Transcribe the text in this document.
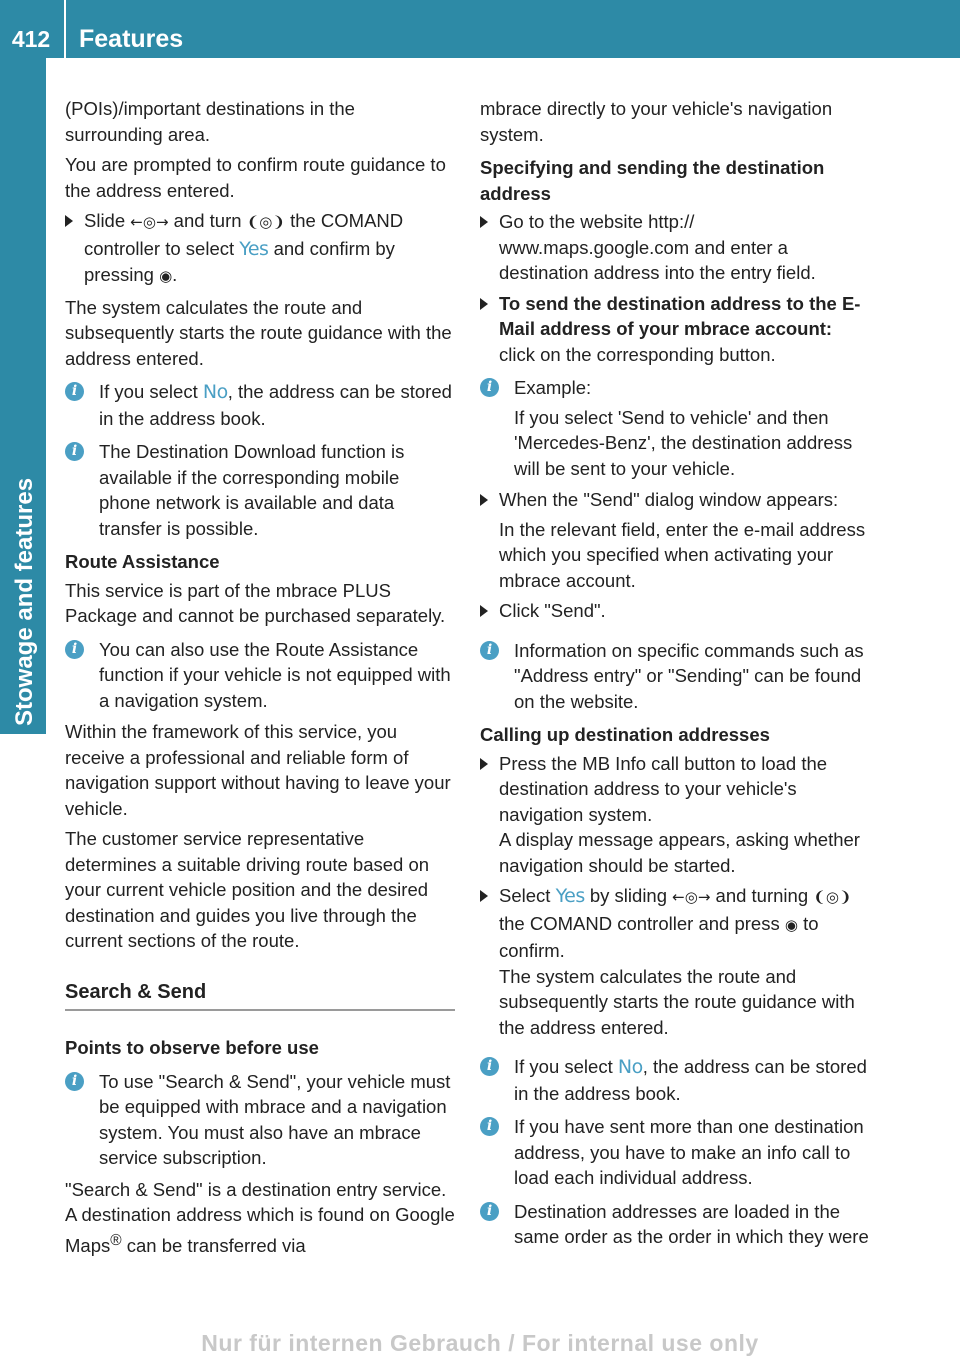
412	Features
Stowage and features

(POIs)/important destinations in the surrounding area.

You are prompted to confirm route guidance to the address entered.

Slide ←◎→ and turn ❨◎❩ the COMAND controller to select Yes and confirm by pressing ◉.

The system calculates the route and subsequently starts the route guidance with the address entered.

i	If you select No, the address can be stored in the address book.
i	The Destination Download function is available if the corresponding mobile phone network is available and data transfer is possible.
Route Assistance

This service is part of the mbrace PLUS Package and cannot be purchased separately.

i	You can also use the Route Assistance function if your vehicle is not equipped with a navigation system.

Within the framework of this service, you receive a professional and reliable form of navigation support without having to leave your vehicle.

The customer service representative determines a suitable driving route based on your current vehicle position and the desired destination and guides you live through the current sections of the route.

Search & Send
Points to observe before use
i	To use "Search & Send", your vehicle must be equipped with mbrace and a navigation system. You must also have an mbrace service subscription.

"Search & Send" is a destination entry service. A destination address which is found on Google Maps® can be transferred via

mbrace directly to your vehicle's navigation system.

Specifying and sending the destination address
Go to the website http:// www.maps.google.com and enter a destination address into the entry field.
To send the destination address to the E-Mail address of your mbrace account: click on the corresponding button.
i	Example:
If you select 'Send to vehicle' and then 'Mercedes-Benz', the destination address will be sent to your vehicle.
When the "Send" dialog window appears:
In the relevant field, enter the e-mail address which you specified when activating your mbrace account.
Click "Send".
i	Information on specific commands such as "Address entry" or "Sending" can be found on the website.
Calling up destination addresses
Press the MB Info call button to load the destination address to your vehicle's navigation system.
A display message appears, asking whether navigation should be started.
Select Yes by sliding ←◎→ and turning ❨◎❩ the COMAND controller and press ◉ to confirm.
The system calculates the route and subsequently starts the route guidance with the address entered.
i	If you select No, the address can be stored in the address book.
i	If you have sent more than one destination address, you have to make an info call to load each individual address.
i	Destination addresses are loaded in the same order as the order in which they were
Nur für internen Gebrauch / For internal use only
